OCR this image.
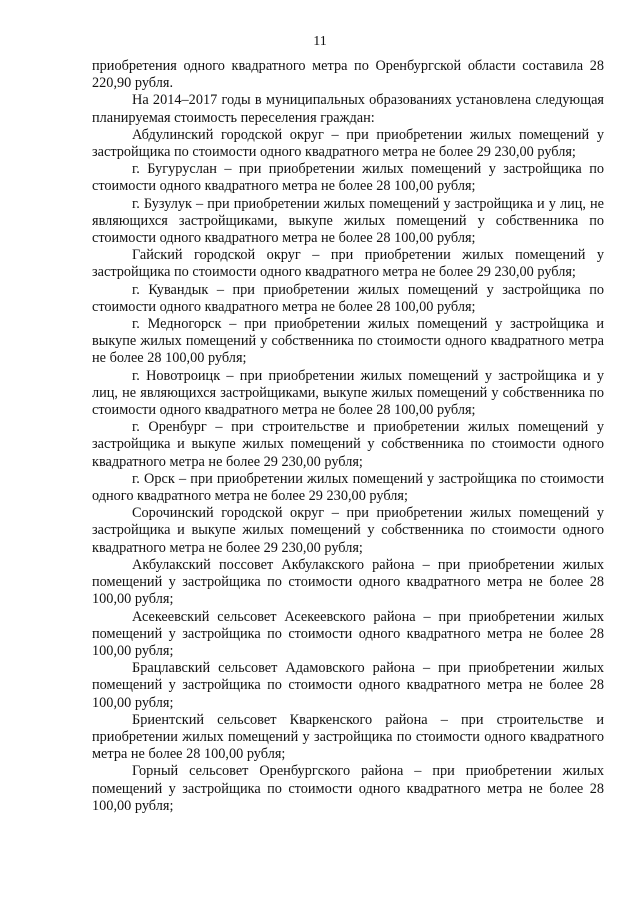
11

приобретения одного квадратного метра по Оренбургской области составила 28 220,90 рубля.

На 2014–2017 годы в муниципальных образованиях установлена следующая планируемая стоимость переселения граждан:

Абдулинский городской округ – при приобретении жилых помещений у застройщика по стоимости одного квадратного метра не более 29 230,00 рубля;

г. Бугуруслан – при приобретении жилых помещений у застройщика по стоимости одного квадратного метра не более 28 100,00 рубля;

г. Бузулук – при приобретении жилых помещений у застройщика и у лиц, не являющихся застройщиками, выкупе жилых помещений у собственника по стоимости одного квадратного метра не более 28 100,00 рубля;

Гайский городской округ – при приобретении жилых помещений у застройщика по стоимости одного квадратного метра не более 29 230,00 рубля;

г. Кувандык – при приобретении жилых помещений у застройщика по стоимости одного квадратного метра не более 28 100,00 рубля;

г. Медногорск – при приобретении жилых помещений у застройщика и выкупе жилых помещений у собственника по стоимости одного квадратного метра не более 28 100,00 рубля;

г. Новотроицк – при приобретении жилых помещений у застройщика и у лиц, не являющихся застройщиками, выкупе жилых помещений у собственника по стоимости одного квадратного метра не более 28 100,00 рубля;

г. Оренбург – при строительстве и приобретении жилых помещений у застройщика и выкупе жилых помещений у собственника по стоимости одного квадратного метра не более 29 230,00 рубля;

г. Орск – при приобретении жилых помещений у застройщика по стоимости одного квадратного метра не более 29 230,00 рубля;

Сорочинский городской округ – при приобретении жилых помещений у застройщика и выкупе жилых помещений у собственника по стоимости одного квадратного метра не более 29 230,00 рубля;

Акбулакский поссовет Акбулакского района – при приобретении жилых помещений у застройщика по стоимости одного квадратного метра не более 28 100,00 рубля;

Асекеевский сельсовет Асекеевского района – при приобретении жилых помещений у застройщика по стоимости одного квадратного метра не более 28 100,00 рубля;

Брацлавский сельсовет Адамовского района – при приобретении жилых помещений у застройщика по стоимости одного квадратного метра не более 28 100,00 рубля;

Бриентский сельсовет Кваркенского района – при строительстве и приобретении жилых помещений у застройщика по стоимости одного квадратного метра не более 28 100,00 рубля;

Горный сельсовет Оренбургского района – при приобретении жилых помещений у застройщика по стоимости одного квадратного метра не более 28 100,00 рубля;
